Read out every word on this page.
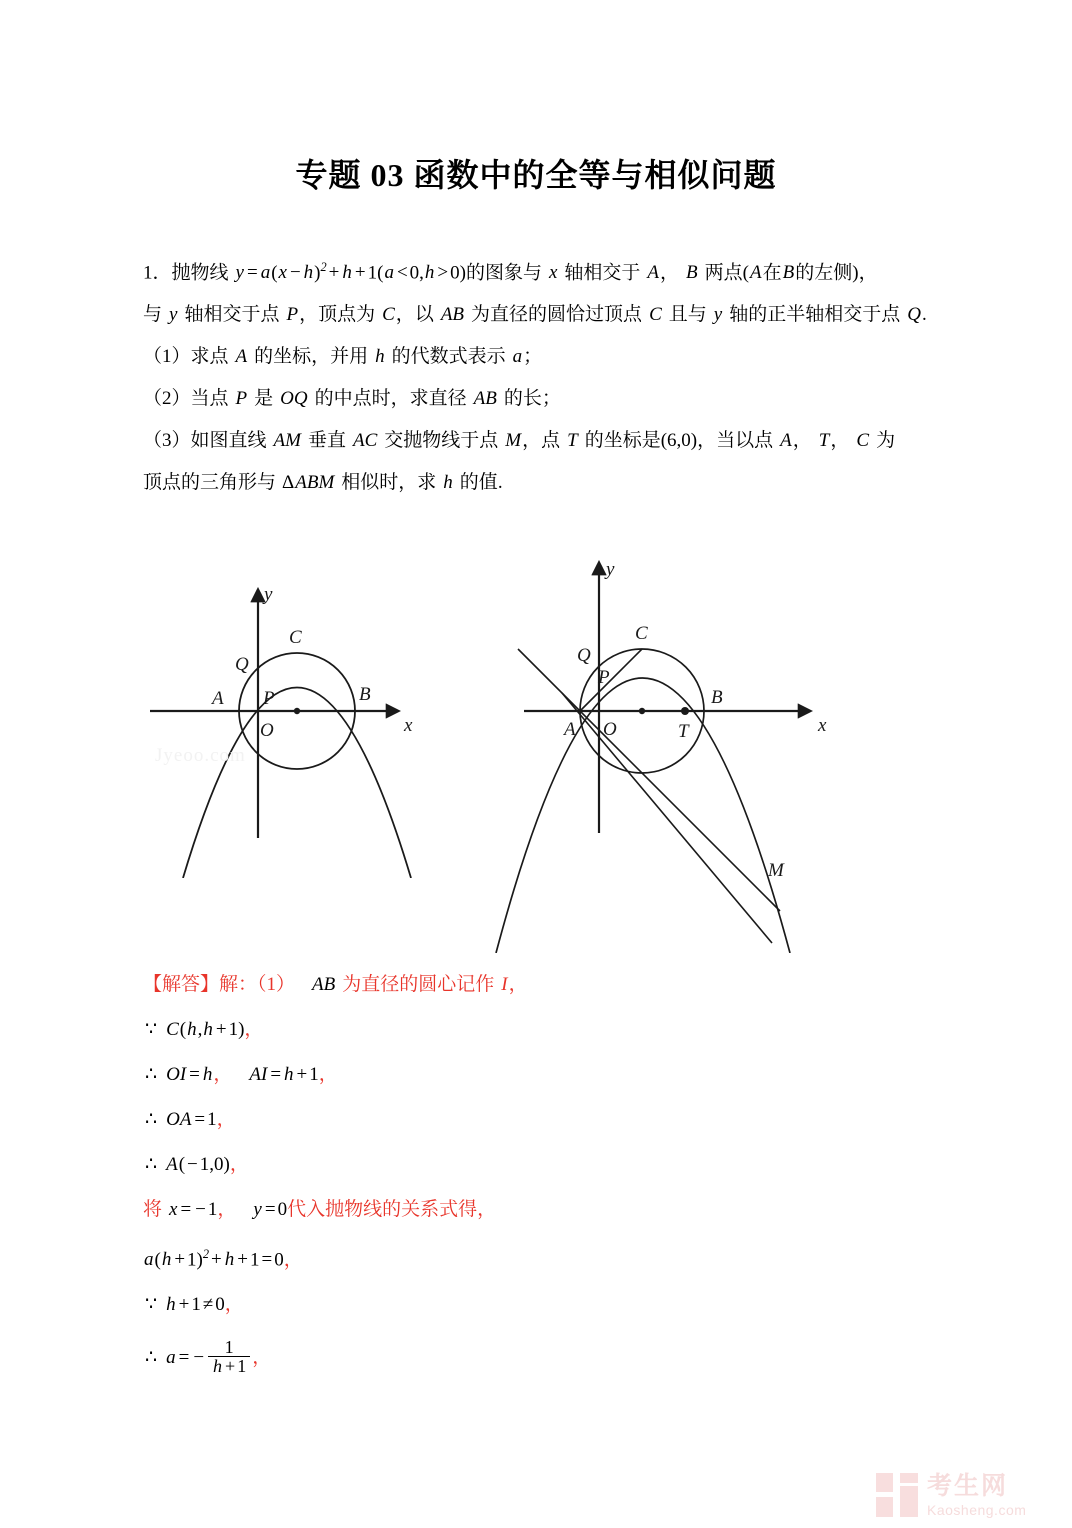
专题 03 函数中的全等与相似问题
1．抛物线 $y = a(x - h)^2 + h + 1(a < 0,h > 0)$的图象与 x 轴相交于 A， B 两点(A在B的左侧)，
与 y 轴相交于点 P，顶点为 C，以 AB 为直径的圆恰过顶点 C 且与 y 轴的正半轴相交于点 Q.
（1）求点 A 的坐标，并用 h 的代数式表示 a；
（2）当点 P 是 OQ 的中点时，求直径 AB 的长；
（3）如图直线 AM 垂直 AC 交抛物线于点 M，点 T 的坐标是(6,0)，当以点 A， T， C 为
顶点的三角形与 ΔABM 相似时，求 h 的值.
x
y
A	B
C
P
Q
O	x
y
A
B
C
P
Q
O	T
M
Jyeoo.com
【解答】解：（1） AB 为直径的圆心记作 I，
∵ C(h,h + 1)，
∴ OI = h， AI = h + 1，
∴ OA = 1，
∴ A( − 1,0)，
将 x = − 1， y = 0代入抛物线的关系式得，
$a(h + 1)^2 + h + 1 = 0$，
∵ h + 1 ≠ 0，
∴ a = − $\frac{1}{h + 1}$ ，
考生网
Kaosheng.com
